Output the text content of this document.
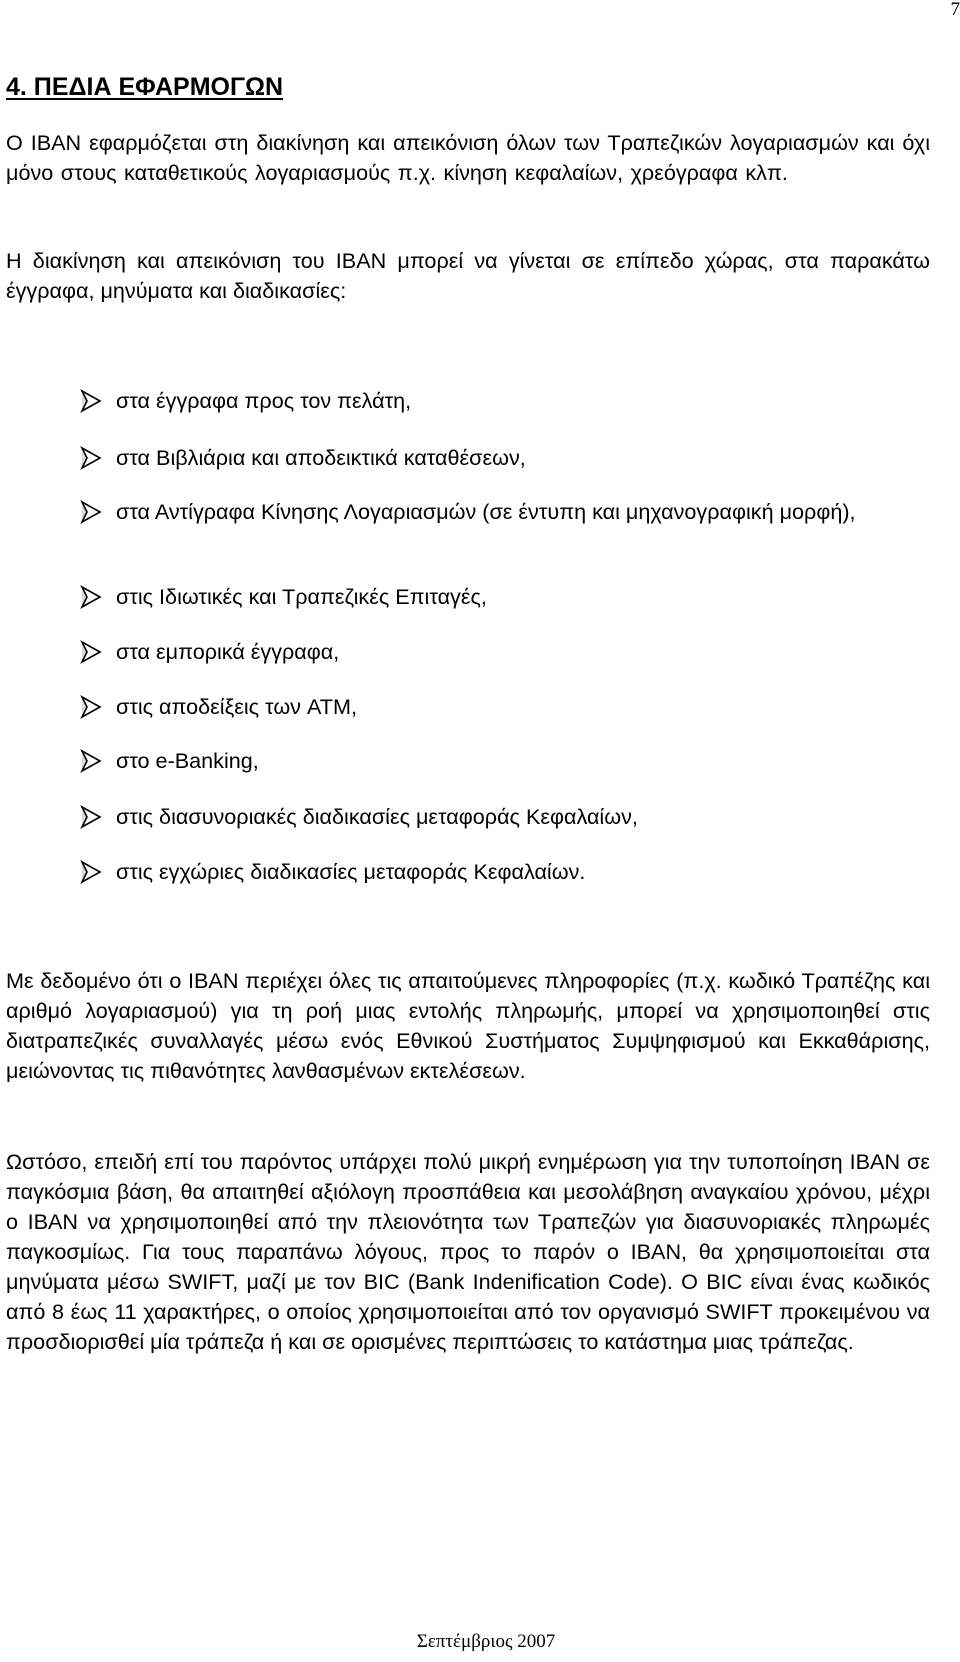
7
4. ΠΕΔΙΑ ΕΦΑΡΜΟΓΩΝ

Ο IBAN εφαρμόζεται στη διακίνηση και απεικόνιση όλων των Τραπεζικών λογαριασμών και όχι μόνο στους καταθετικούς λογαριασμούς π.χ. κίνηση κεφαλαίων, χρεόγραφα κλπ.

Η διακίνηση και απεικόνιση του IBAN μπορεί να γίνεται σε επίπεδο χώρας, στα παρακάτω έγγραφα, μηνύματα και διαδικασίες:

στα έγγραφα προς τον πελάτη,
στα Βιβλιάρια και αποδεικτικά καταθέσεων,
στα Αντίγραφα Κίνησης Λογαριασμών (σε έντυπη και μηχανογραφική μορφή),
στις Ιδιωτικές και Τραπεζικές Επιταγές,
στα εμπορικά έγγραφα,
στις αποδείξεις των ATM,
στο e-Banking,
στις διασυνοριακές διαδικασίες μεταφοράς Κεφαλαίων,
στις εγχώριες διαδικασίες μεταφοράς Κεφαλαίων.

Με δεδομένο ότι ο IBAN περιέχει όλες τις απαιτούμενες πληροφορίες (π.χ. κωδικό Τραπέζης και αριθμό λογαριασμού) για τη ροή μιας εντολής πληρωμής, μπορεί να χρησιμοποιηθεί στις διατραπεζικές συναλλαγές μέσω ενός Εθνικού Συστήματος Συμψηφισμού και Εκκαθάρισης, μειώνοντας τις πιθανότητες λανθασμένων εκτελέσεων.

Ωστόσο, επειδή επί του παρόντος υπάρχει πολύ μικρή ενημέρωση για την τυποποίηση IBAN σε παγκόσμια βάση, θα απαιτηθεί αξιόλογη προσπάθεια και μεσολάβηση αναγκαίου χρόνου, μέχρι ο IBAN να χρησιμοποιηθεί από την πλειονότητα των Τραπεζών για διασυνοριακές πληρωμές παγκοσμίως. Για τους παραπάνω λόγους, προς το παρόν ο IBAN, θα χρησιμοποιείται στα μηνύματα μέσω SWIFT, μαζί με τον BIC (Bank Indenification Code). O BIC είναι ένας κωδικός από 8 έως 11 χαρακτήρες, ο οποίος χρησιμοποιείται από τον οργανισμό SWIFT προκειμένου να προσδιορισθεί μία τράπεζα ή και σε ορισμένες περιπτώσεις το κατάστημα μιας τράπεζας.

Σεπτέμβριος 2007
